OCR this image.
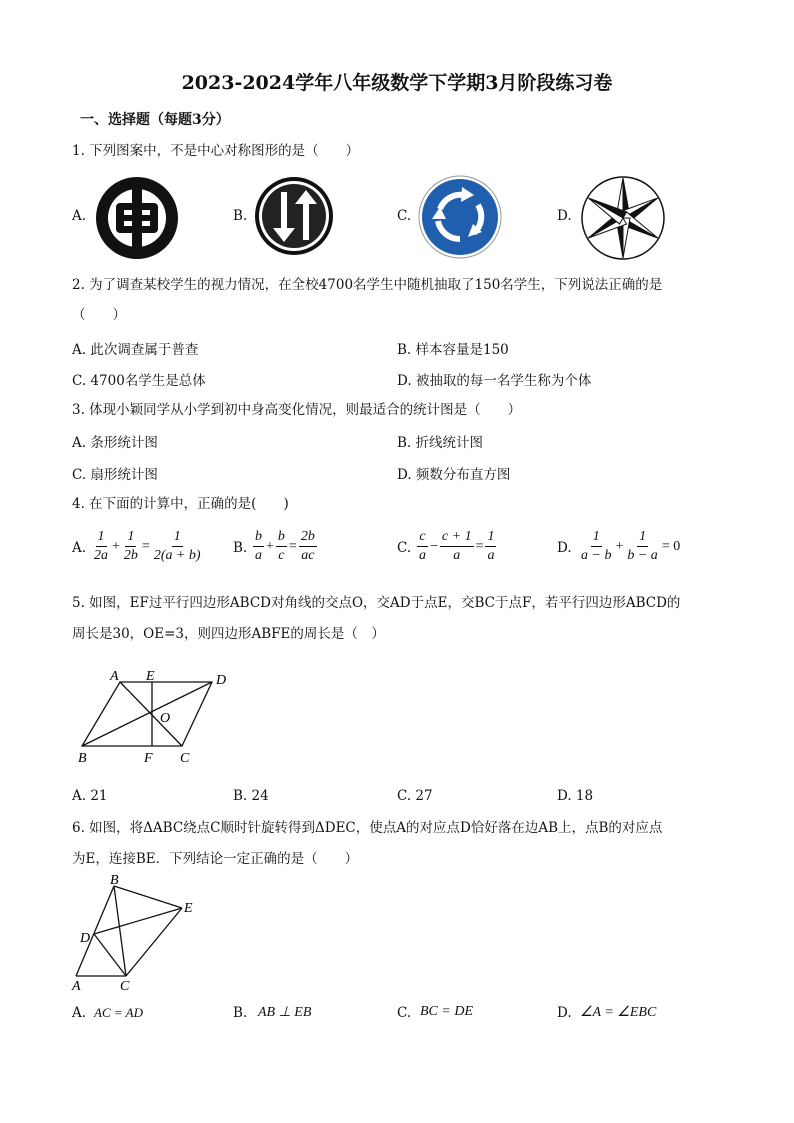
2023-2024学年八年级数学下学期3月阶段练习卷
一、选择题（每题3分）
1. 下列图案中，不是中心对称图形的是（　　）
A.	B.	C.	D.
2. 为了调查某校学生的视力情况，在全校4700名学生中随机抽取了150名学生，下列说法正确的是
（　　）
A. 此次调查属于普查	B. 样本容量是150
C. 4700名学生是总体	D. 被抽取的每一名学生称为个体
3. 体现小颖同学从小学到初中身高变化情况，则最适合的统计图是（　　）
A. 条形统计图	B. 折线统计图
C. 扇形统计图	D. 频数分布直方图
4. 在下面的计算中，正确的是(　　)
A. $\frac{1}{2a} + \frac{1}{2b} = \frac{1}{2(a + b)} B$. $\frac{b}{a} + \frac{b}{c} = \frac{2b}{ac}$	C. $\frac{c}{a} - \frac{c + 1}{a} = \frac{1}{a}$	D. $\frac{1}{a - b} + \frac{1}{b - a} = 0$
5. 如图，EF过平行四边形ABCD对角线的交点O，交AD于点E，交BC于点F，若平行四边形ABCD的
周长是30，OE=3，则四边形ABFE的周长是（　）
A E	D
O
B	F C
A. 21	B. 24	C. 27	D. 18
6. 如图，将ΔABC绕点C顺时针旋转得到ΔDEC，使点A的对应点D恰好落在边AB上，点B的对应点
为E，连接BE．下列结论一定正确的是（　　）
B
E
D
A	C
A. AC = AD	B. AB ⊥ EB	C. BC = DE	D. ∠A = ∠EBC
